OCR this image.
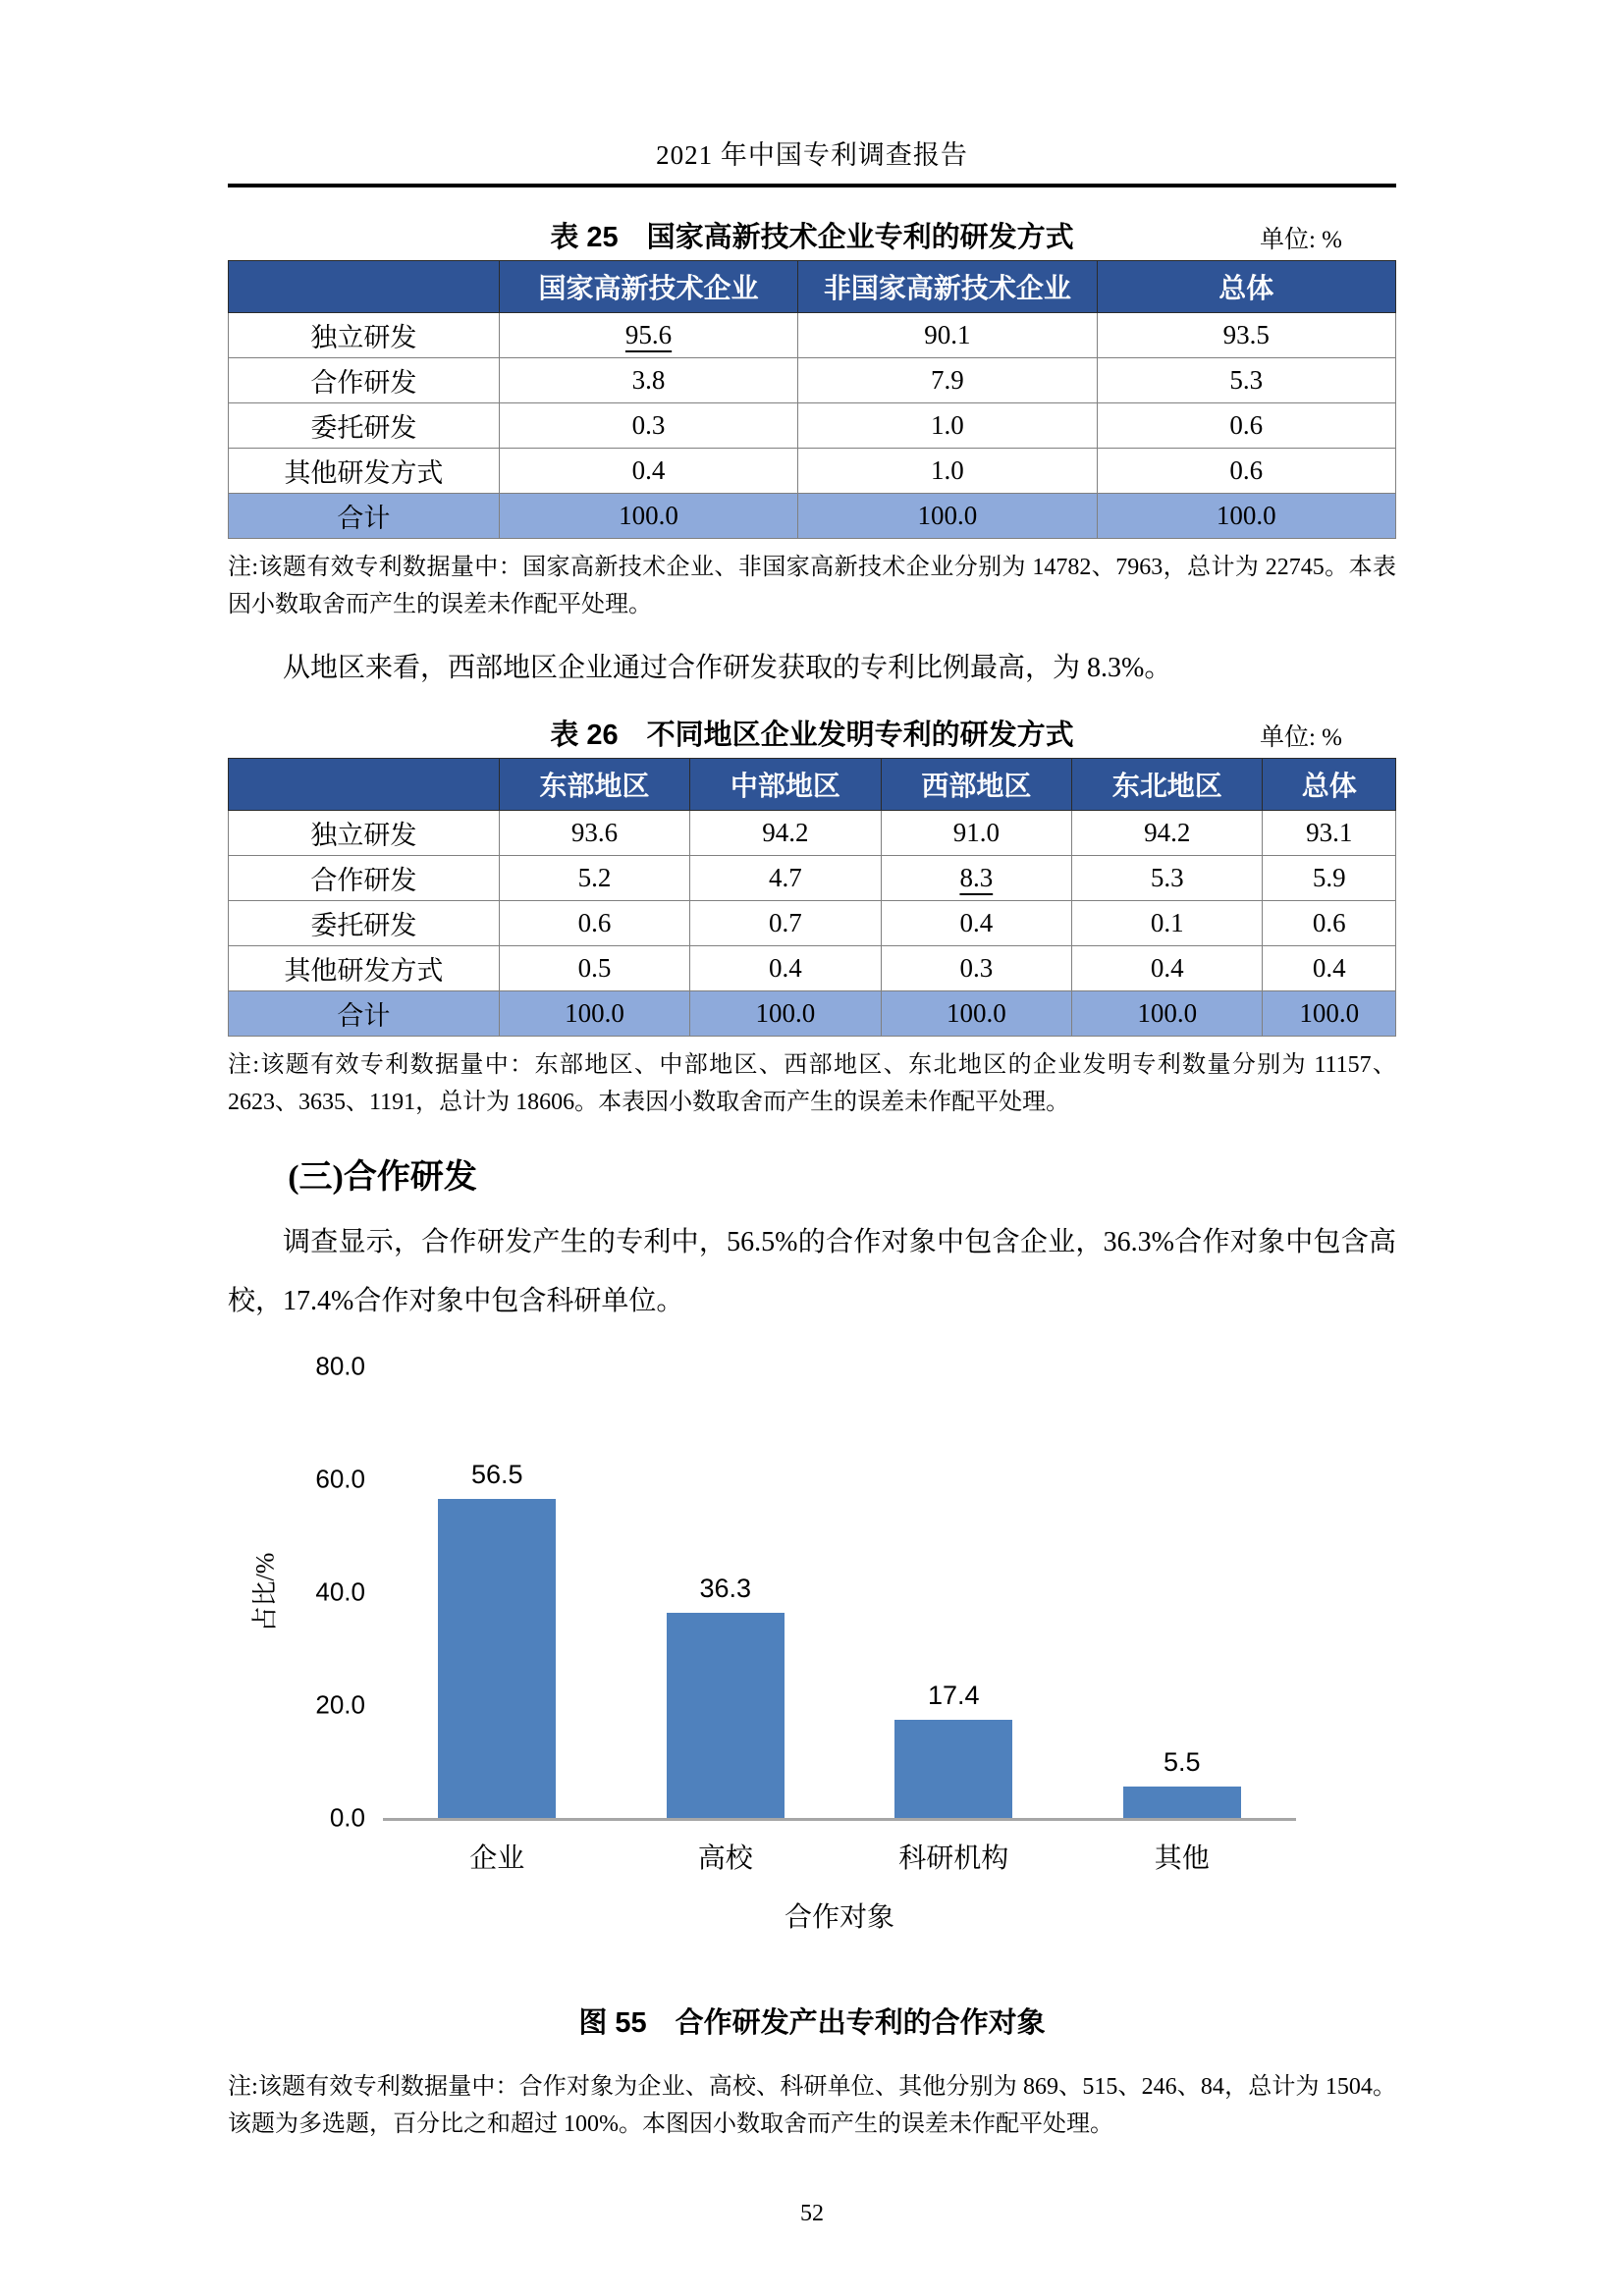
2021 年中国专利调查报告
表 25　国家高新技术企业专利的研发方式	单位: %
	国家高新技术企业	非国家高新技术企业	总体
独立研发	95.6	90.1	93.5
合作研发	3.8	7.9	5.3
委托研发	0.3	1.0	0.6
其他研发方式	0.4	1.0	0.6
合计	100.0	100.0	100.0
注:该题有效专利数据量中：国家高新技术企业、非国家高新技术企业分别为 14782、7963，总计为 22745。本表因小数取舍而产生的误差未作配平处理。
从地区来看，西部地区企业通过合作研发获取的专利比例最高，为 8.3%。
表 26　不同地区企业发明专利的研发方式	单位: %
	东部地区	中部地区	西部地区	东北地区	总体
独立研发	93.6	94.2	91.0	94.2	93.1
合作研发	5.2	4.7	8.3	5.3	5.9
委托研发	0.6	0.7	0.4	0.1	0.6
其他研发方式	0.5	0.4	0.3	0.4	0.4
合计	100.0	100.0	100.0	100.0	100.0
注:该题有效专利数据量中：东部地区、中部地区、西部地区、东北地区的企业发明专利数量分别为 11157、2623、3635、1191，总计为 18606。本表因小数取舍而产生的误差未作配平处理。
(三)合作研发
调查显示，合作研发产生的专利中，56.5%的合作对象中包含企业，36.3%合作对象中包含高校，17.4%合作对象中包含科研单位。
占比/%
80.0
60.0
40.0
20.0
0.0
56.5
36.3
17.4
5.5
企业	高校	科研机构	其他
合作对象
图 55　合作研发产出专利的合作对象
注:该题有效专利数据量中：合作对象为企业、高校、科研单位、其他分别为 869、515、246、84，总计为 1504。该题为多选题，百分比之和超过 100%。本图因小数取舍而产生的误差未作配平处理。
52
